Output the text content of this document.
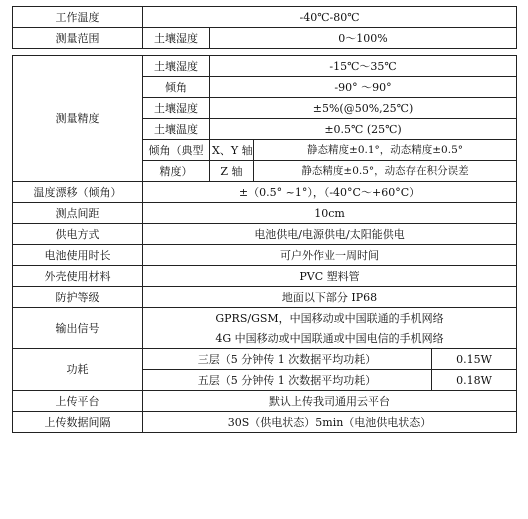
工作温度	-40℃-80℃			
测量范围	土壤湿度	0～100%		

测量精度	土壤湿度	-15℃～35℃		
	倾角	-90° ～90°		
	土壤湿度	±5%(@50%,25℃)		
	土壤温度	±0.5℃ (25℃)		
	倾角（典型	X、Y 轴	静态精度±0.1°，动态精度±0.5°	
	精度）	Z 轴	静态精度±0.5°，动态存在积分误差	
温度漂移（倾角）	±（0.5° ~1°），（-40°C～+60°C）			
测点间距	10cm			
供电方式	电池供电/电源供电/太阳能供电			
电池使用时长	可户外作业一周时间			
外壳使用材料	PVC 塑料管			
防护等级	地面以下部分 IP68			
输出信号	GPRS/GSM，中国移动或中国联通的手机网络			
	4G 中国移动或中国联通或中国电信的手机网络			
功耗	三层（5 分钟传 1 次数据平均功耗）			0.15W
	五层（5 分钟传 1 次数据平均功耗）			0.18W
上传平台	默认上传我司通用云平台			
上传数据间隔	30S（供电状态）5min（电池供电状态）			
